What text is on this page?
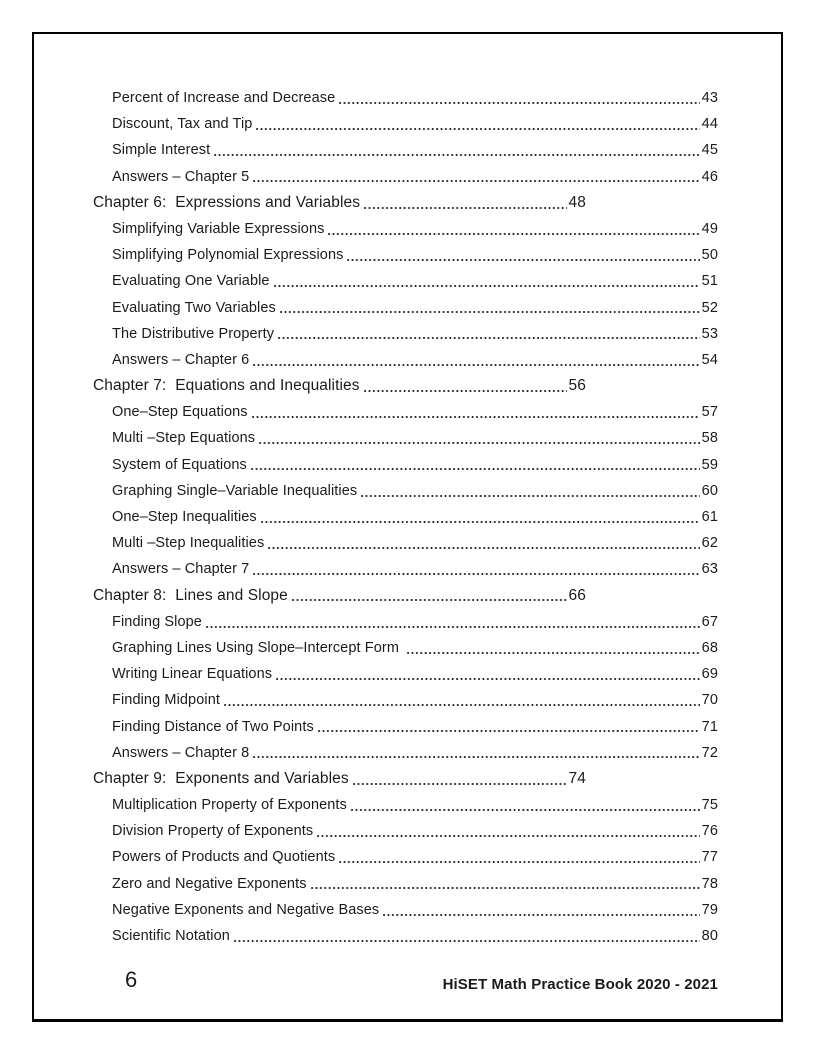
Percent of Increase and Decrease	43
Discount, Tax and Tip	44
Simple Interest	45
Answers – Chapter 5	46
Chapter 6:  Expressions and Variables	48
Simplifying Variable Expressions	49
Simplifying Polynomial Expressions	50
Evaluating One Variable	51
Evaluating Two Variables	52
The Distributive Property	53
Answers – Chapter 6	54
Chapter 7:  Equations and Inequalities	56
One–Step Equations	57
Multi –Step Equations	58
System of Equations	59
Graphing Single–Variable Inequalities	60
One–Step Inequalities	61
Multi –Step Inequalities	62
Answers – Chapter 7	63
Chapter 8:  Lines and Slope	66
Finding Slope	67
Graphing Lines Using Slope–Intercept Form	68
Writing Linear Equations	69
Finding Midpoint	70
Finding Distance of Two Points	71
Answers – Chapter 8	72
Chapter 9:  Exponents and Variables	74
Multiplication Property of Exponents	75
Division Property of Exponents	76
Powers of Products and Quotients	77
Zero and Negative Exponents	78
Negative Exponents and Negative Bases	79
Scientific Notation	80
6	HiSET Math Practice Book 2020 - 2021
